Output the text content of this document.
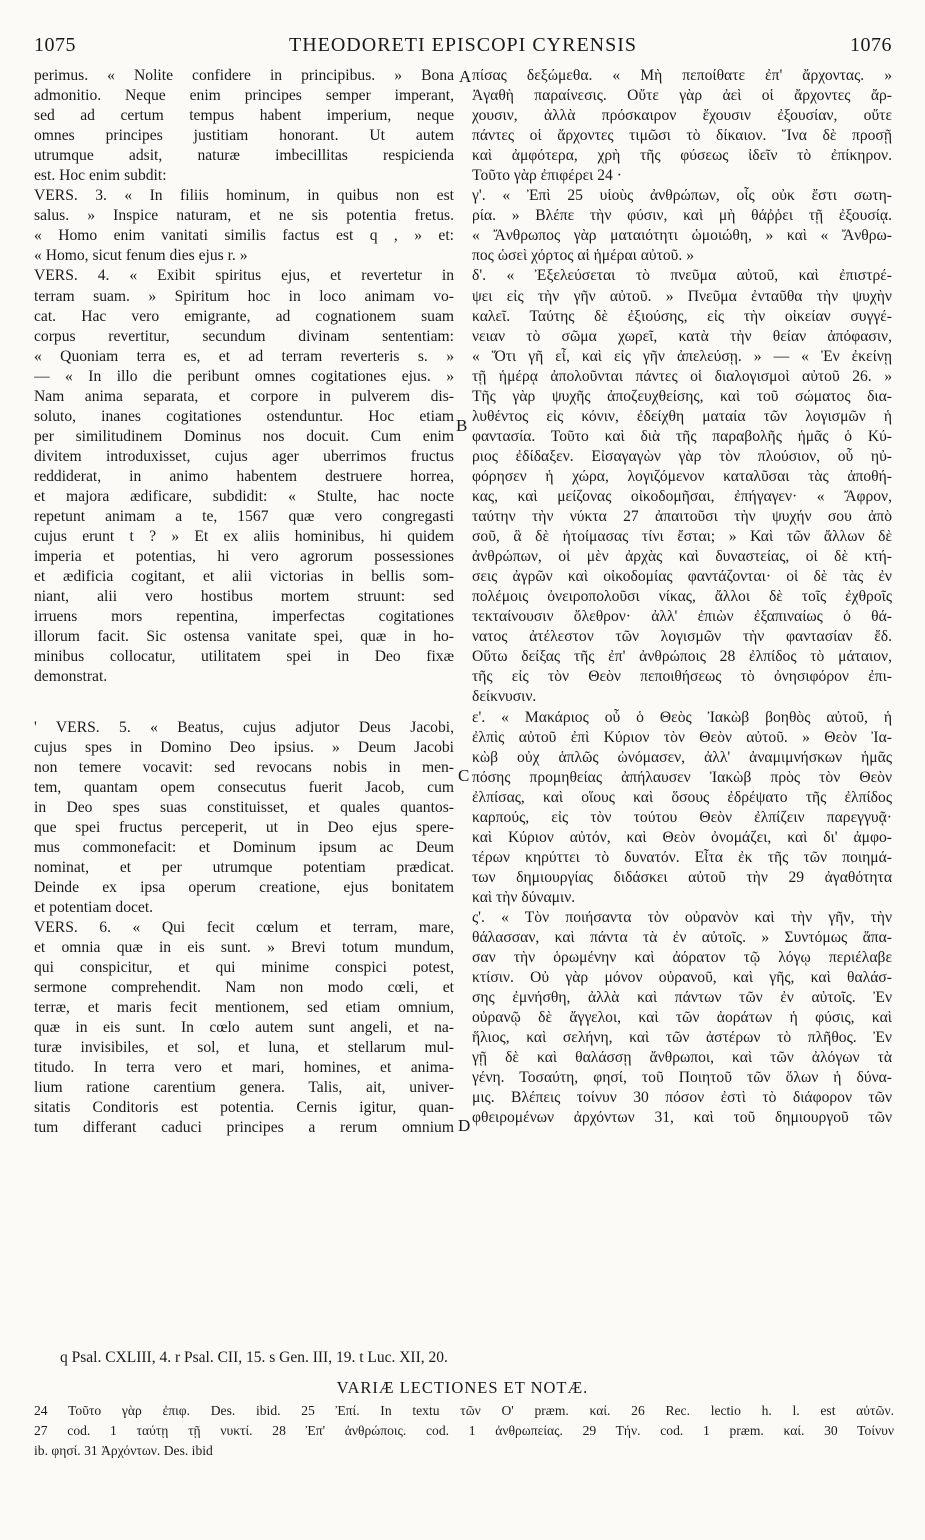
1075	THEODORETI EPISCOPI CYRENSIS	1076
perimus. « Nolite confidere in principibus. » Bona
admonitio. Neque enim principes semper imperant,
sed ad certum tempus habent imperium, neque
omnes principes justitiam honorant. Ut autem
utrumque adsit, naturæ imbecillitas respicienda
est. Hoc enim subdit:
VERS. 3. « In filiis hominum, in quibus non est
salus. » Inspice naturam, et ne sis potentia fretus.
« Homo enim vanitati similis factus est q , » et:
« Homo, sicut fenum dies ejus r. »
VERS. 4. « Exibit spiritus ejus, et revertetur in
terram suam. » Spiritum hoc in loco animam vo-
cat. Hac vero emigrante, ad cognationem suam
corpus revertitur, secundum divinam sententiam:
« Quoniam terra es, et ad terram reverteris s. »
— « In illo die peribunt omnes cogitationes ejus. »
Nam anima separata, et corpore in pulverem dis-
soluto, inanes cogitationes ostenduntur. Hoc etiam
per similitudinem Dominus nos docuit. Cum enim
divitem introduxisset, cujus ager uberrimos fructus
reddiderat, in animo habentem destruere horrea,
et majora ædificare, subdidit: « Stulte, hac nocte
repetunt animam a te, 1567 quæ vero congregasti
cujus erunt t ? » Et ex aliis hominibus, hi quidem
imperia et potentias, hi vero agrorum possessiones
et ædificia cogitant, et alii victorias in bellis som-
niant, alii vero hostibus mortem struunt: sed
irruens mors repentina, imperfectas cogitationes
illorum facit. Sic ostensa vanitate spei, quæ in ho-
minibus collocatur, utilitatem spei in Deo fixæ
demonstrat.
' VERS. 5. « Beatus, cujus adjutor Deus Jacobi,
cujus spes in Domino Deo ipsius. » Deum Jacobi
non temere vocavit: sed revocans nobis in men-
tem, quantam opem consecutus fuerit Jacob, cum
in Deo spes suas constituisset, et quales quantos-
que spei fructus perceperit, ut in Deo ejus spere-
mus commonefacit: et Dominum ipsum ac Deum
nominat, et per utrumque potentiam prædicat.
Deinde ex ipsa operum creatione, ejus bonitatem
et potentiam docet.
VERS. 6. « Qui fecit cœlum et terram, mare,
et omnia quæ in eis sunt. » Brevi totum mundum,
qui conspicitur, et qui minime conspici potest,
sermone comprehendit. Nam non modo cœli, et
terræ, et maris fecit mentionem, sed etiam omnium,
quæ in eis sunt. In cœlo autem sunt angeli, et na-
turæ invisibiles, et sol, et luna, et stellarum mul-
titudo. In terra vero et mari, homines, et anima-
lium ratione carentium genera. Talis, ait, univer-
sitatis Conditoris est potentia. Cernis igitur, quan-
tum differant caduci principes a rerum omnium
πίσας δεξώμεθα. « Μὴ πεποίθατε ἐπ' ἄρχοντας. »
Ἀγαθὴ παραίνεσις. Οὔτε γὰρ ἀεὶ οἱ ἄρχοντες ἄρ-
χουσιν, ἀλλὰ πρόσκαιρον ἔχουσιν ἐξουσίαν, οὔτε
πάντες οἱ ἄρχοντες τιμῶσι τὸ δίκαιον. Ἵνα δὲ προσῇ
καὶ ἀμφότερα, χρὴ τῆς φύσεως ἰδεῖν τὸ ἐπίκηρον.
Τοῦτο γὰρ ἐπιφέρει 24 ·
γ'. « Ἐπὶ 25 υἱοὺς ἀνθρώπων, οἷς οὐκ ἔστι σωτη-
ρία. » Βλέπε τὴν φύσιν, καὶ μὴ θάῤῥει τῇ ἐξουσίᾳ.
« Ἄνθρωπος γὰρ ματαιότητι ὡμοιώθη, » καὶ « Ἄνθρω-
πος ὡσεὶ χόρτος αἱ ἡμέραι αὐτοῦ. »
δ'. « Ἐξελεύσεται τὸ πνεῦμα αὐτοῦ, καὶ ἐπιστρέ-
ψει εἰς τὴν γῆν αὐτοῦ. » Πνεῦμα ἐνταῦθα τὴν ψυχὴν
καλεῖ. Ταύτης δὲ ἐξιούσης, εἰς τὴν οἰκείαν συγγέ-
νειαν τὸ σῶμα χωρεῖ, κατὰ τὴν θείαν ἀπόφασιν,
« Ὅτι γῆ εἶ, καὶ εἰς γῆν ἀπελεύσῃ. » — « Ἐν ἐκείνῃ
τῇ ἡμέρᾳ ἀπολοῦνται πάντες οἱ διαλογισμοὶ αὐτοῦ 26. »
Τῆς γὰρ ψυχῆς ἀποζευχθείσης, καὶ τοῦ σώματος δια-
λυθέντος εἰς κόνιν, ἐδείχθη ματαία τῶν λογισμῶν ἡ
φαντασία. Τοῦτο καὶ διὰ τῆς παραβολῆς ἡμᾶς ὁ Κύ-
ριος ἐδίδαξεν. Εἰσαγαγὼν γὰρ τὸν πλούσιον, οὗ ηὐ-
φόρησεν ἡ χώρα, λογιζόμενον καταλῦσαι τὰς ἀποθή-
κας, καὶ μείζονας οἰκοδομῆσαι, ἐπήγαγεν· « Ἄφρον,
ταύτην τὴν νύκτα 27 ἀπαιτοῦσι τὴν ψυχήν σου ἀπὸ
σοῦ, ἃ δὲ ἡτοίμασας τίνι ἔσται; » Καὶ τῶν ἄλλων δὲ
ἀνθρώπων, οἱ μὲν ἀρχὰς καὶ δυναστείας, οἱ δὲ κτή-
σεις ἀγρῶν καὶ οἰκοδομίας φαντάζονται· οἱ δὲ τὰς ἐν
πολέμοις ὀνειροπολοῦσι νίκας, ἄλλοι δὲ τοῖς ἐχθροῖς
τεκταίνουσιν ὄλεθρον· ἀλλ' ἐπιὼν ἐξαπιναίως ὁ θά-
νατος ἀτέλεστον τῶν λογισμῶν τὴν φαντασίαν ἔδ.
Οὕτω δείξας τῆς ἐπ' ἀνθρώποις 28 ἐλπίδος τὸ μάταιον,
τῆς εἰς τὸν Θεὸν πεποιθήσεως τὸ ὀνησιφόρον ἐπι-
δείκνυσιν.
ε'. « Μακάριος οὗ ὁ Θεὸς Ἰακὼβ βοηθὸς αὐτοῦ, ἡ
ἐλπὶς αὐτοῦ ἐπὶ Κύριον τὸν Θεὸν αὐτοῦ. » Θεὸν Ἰα-
κὼβ οὐχ ἁπλῶς ὠνόμασεν, ἀλλ' ἀναμιμνήσκων ἡμᾶς
πόσης προμηθείας ἀπήλαυσεν Ἰακὼβ πρὸς τὸν Θεὸν
ἐλπίσας, καὶ οἵους καὶ ὅσους ἐδρέψατο τῆς ἐλπίδος
καρπούς, εἰς τὸν τούτου Θεὸν ἐλπίζειν παρεγγυᾷ·
καὶ Κύριον αὐτόν, καὶ Θεὸν ὀνομάζει, καὶ δι' ἀμφο-
τέρων κηρύττει τὸ δυνατόν. Εἶτα ἐκ τῆς τῶν ποιημά-
των δημιουργίας διδάσκει αὐτοῦ τὴν 29 ἀγαθότητα
καὶ τὴν δύναμιν.
ς'. « Τὸν ποιήσαντα τὸν οὐρανὸν καὶ τὴν γῆν, τὴν
θάλασσαν, καὶ πάντα τὰ ἐν αὐτοῖς. » Συντόμως ἅπα-
σαν τὴν ὁρωμένην καὶ ἀόρατον τῷ λόγῳ περιέλαβε
κτίσιν. Οὐ γὰρ μόνον οὐρανοῦ, καὶ γῆς, καὶ θαλάσ-
σης ἐμνήσθη, ἀλλὰ καὶ πάντων τῶν ἐν αὐτοῖς. Ἐν
οὐρανῷ δὲ ἄγγελοι, καὶ τῶν ἀοράτων ἡ φύσις, καὶ
ἥλιος, καὶ σελήνη, καὶ τῶν ἀστέρων τὸ πλῆθος. Ἐν
γῇ δὲ καὶ θαλάσσῃ ἄνθρωποι, καὶ τῶν ἀλόγων τὰ
γένη. Τοσαύτη, φησί, τοῦ Ποιητοῦ τῶν ὅλων ἡ δύνα-
μις. Βλέπεις τοίνυν 30 πόσον ἐστὶ τὸ διάφορον τῶν
φθειρομένων ἀρχόντων 31, καὶ τοῦ δημιουργοῦ τῶν
A
B
C
D
q Psal. CXLIII, 4. r Psal. CII, 15. s Gen. III, 19. t Luc. XII, 20.
VARIÆ LECTIONES ET NOTÆ.
24 Τοῦτο γὰρ ἐπιφ. Des. ibid. 25 Ἐπί. In textu τῶν Ο' præm. καί. 26 Rec. lectio h. l. est αὐτῶν.
27 cod. 1 ταύτῃ τῇ νυκτί. 28 Ἐπ' ἀνθρώποις. cod. 1 ἀνθρωπείας. 29 Τήν. cod. 1 præm. καί. 30 Τοίνυν
ib. φησί. 31 Ἀρχόντων. Des. ibid
